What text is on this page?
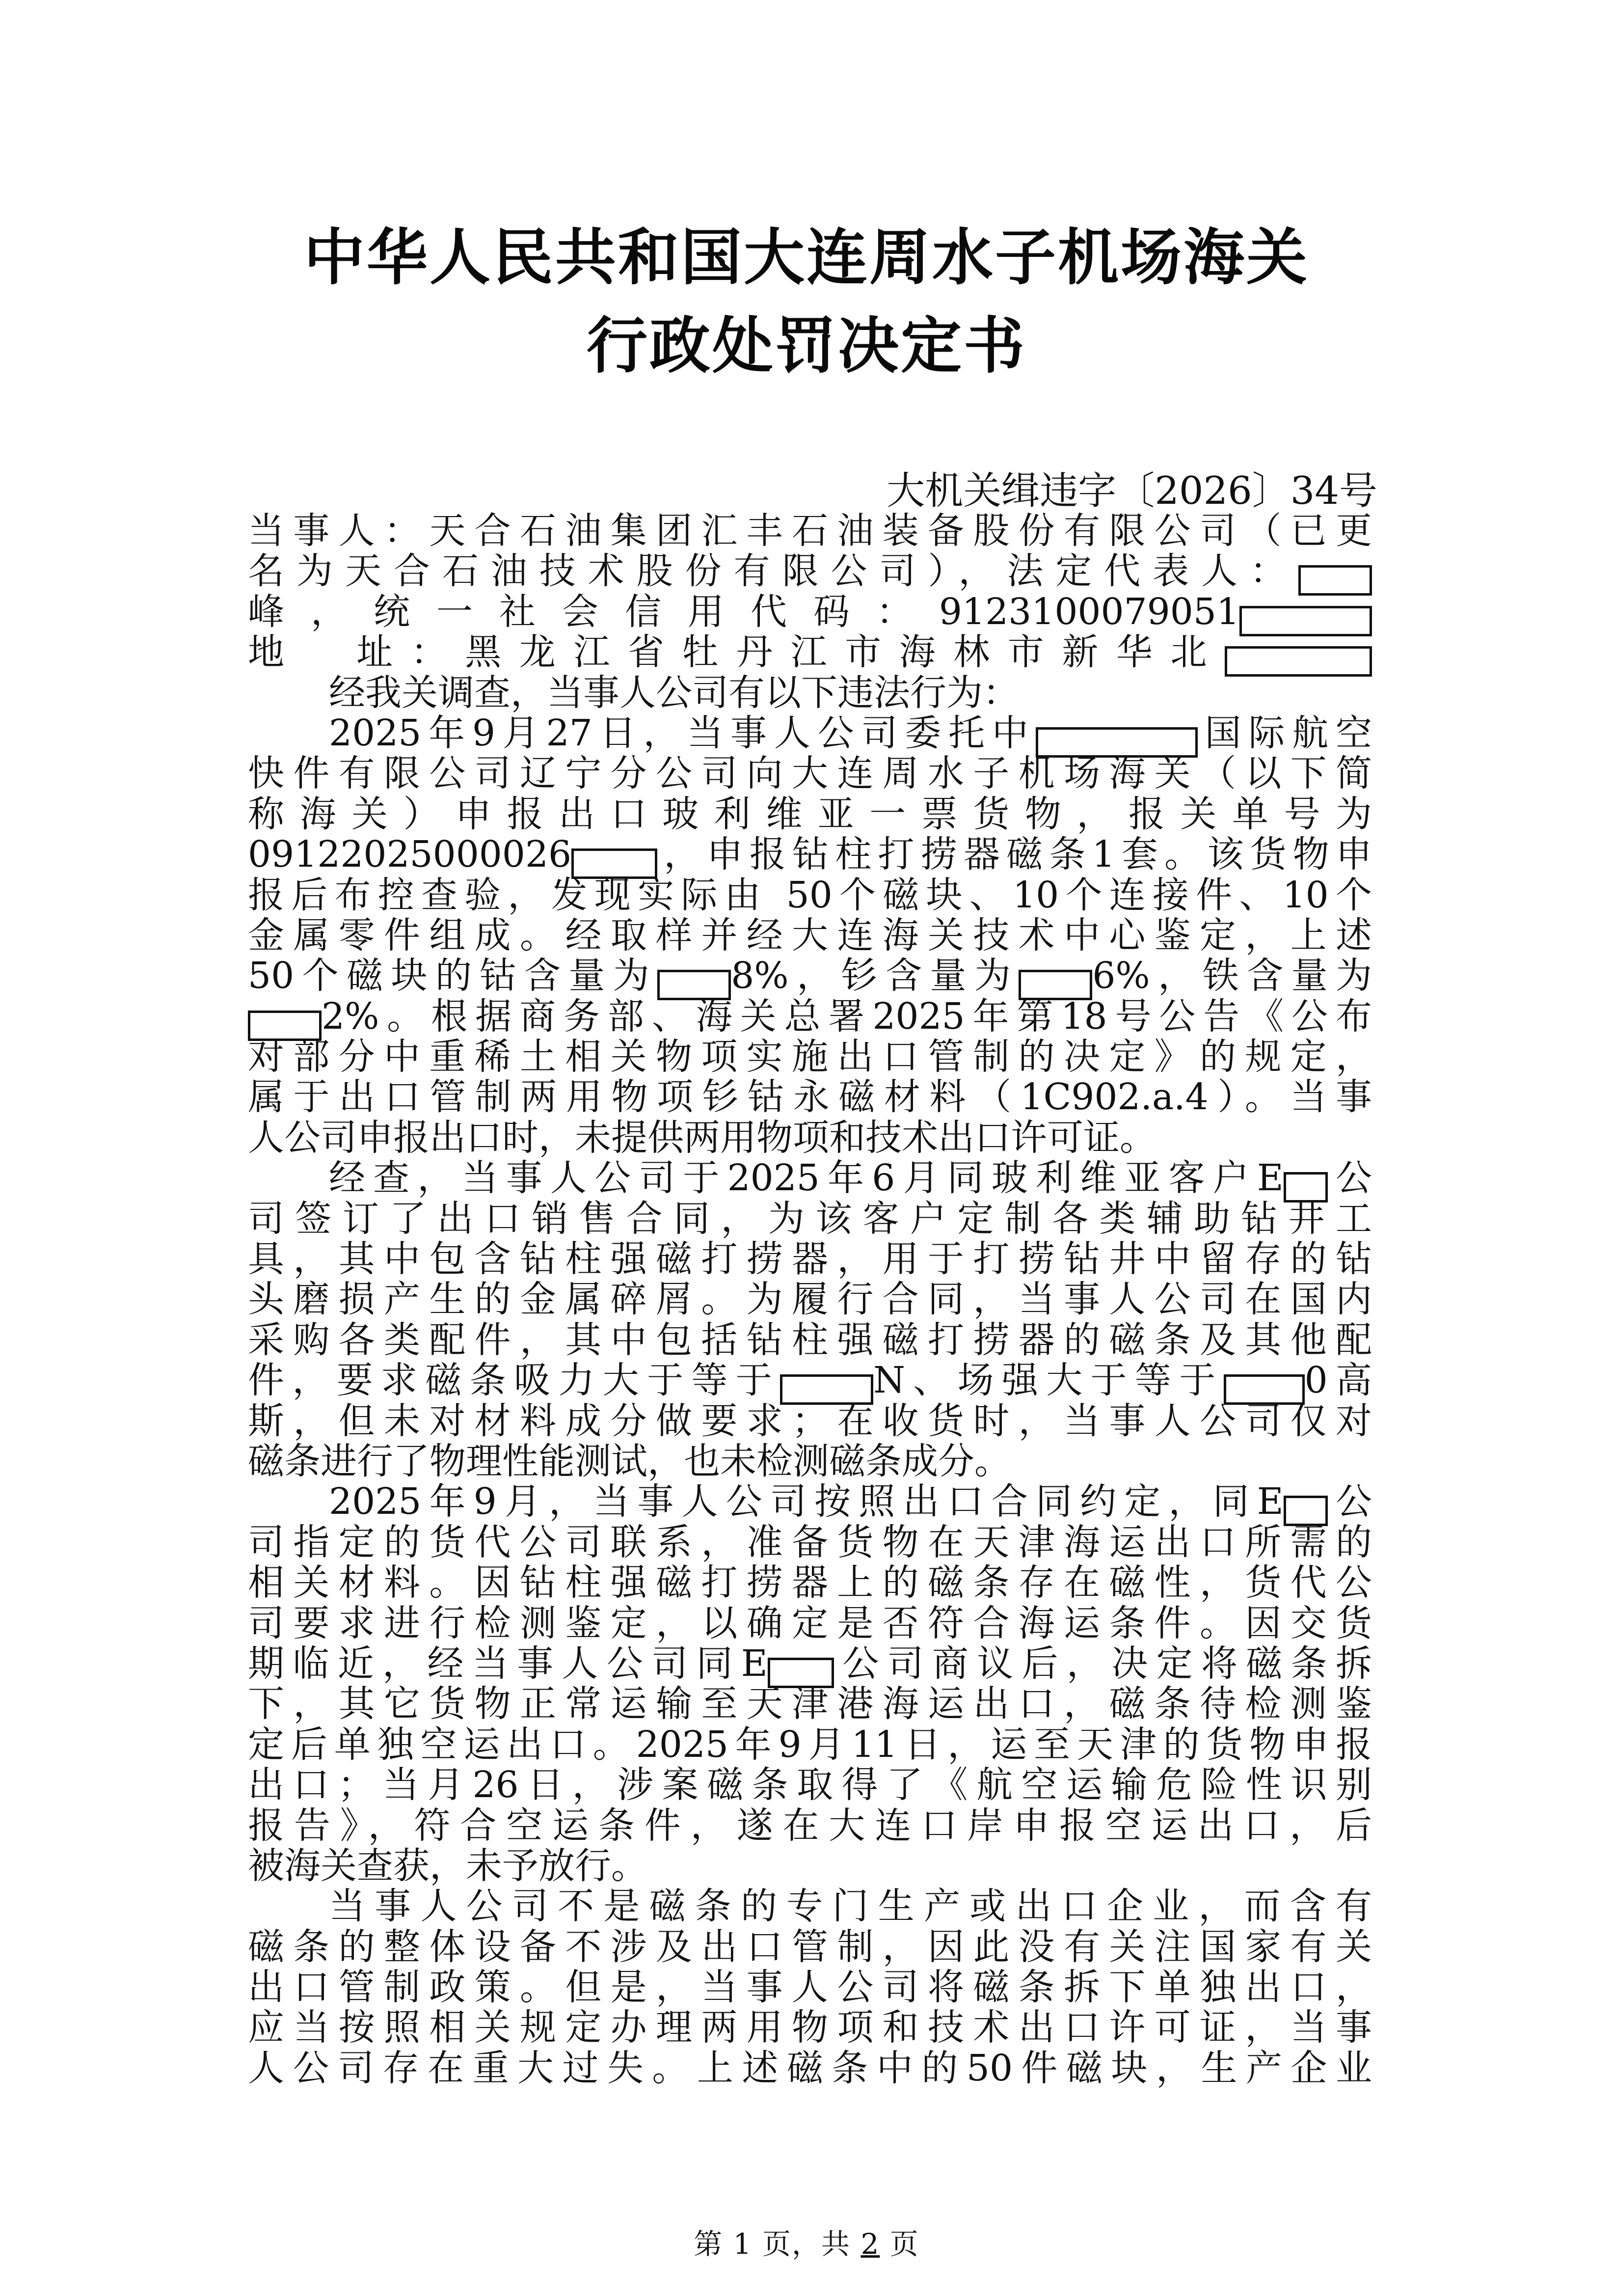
中华人民共和国大连周水子机场海关
行政处罚决定书
大机关缉违字〔2026〕34号
当事人：天合石油集团汇丰石油装备股份有限公司（已更
名为天合石油技术股份有限公司），法定代表人：
峰，统一社会信用代码：9123100079051
地　址：黑龙江省牡丹江市海林市新华北
经我关调查，当事人公司有以下违法行为：
2025年9月27日，当事人公司委托中	国际航空
快件有限公司辽宁分公司向大连周水子机场海关（以下简
称海关）申报出口玻利维亚一票货物，报关单号为
09122025000026 ，申报钻柱打捞器磁条1套。该货物申
报后布控查验，发现实际由 50个磁块、10个连接件、10个
金属零件组成。经取样并经大连海关技术中心鉴定，上述
50个磁块的钴含量为 8%，钐含量为 6%，铁含量为
2%。根据商务部、海关总署2025年第18号公告《公布
对部分中重稀土相关物项实施出口管制的决定》的规定，
属于出口管制两用物项钐钴永磁材料（1C902.a.4）。当事
人公司申报出口时，未提供两用物项和技术出口许可证。
经查，当事人公司于2025年6月同玻利维亚客户E 公
司签订了出口销售合同，为该客户定制各类辅助钻井工
具，其中包含钻柱强磁打捞器，用于打捞钻井中留存的钻
头磨损产生的金属碎屑。为履行合同，当事人公司在国内
采购各类配件，其中包括钻柱强磁打捞器的磁条及其他配
件，要求磁条吸力大于等于	N、场强大于等于 0高
斯，但未对材料成分做要求；在收货时，当事人公司仅对
磁条进行了物理性能测试，也未检测磁条成分。
2025年9月，当事人公司按照出口合同约定，同E 公
司指定的货代公司联系，准备货物在天津海运出口所需的
相关材料。因钻柱强磁打捞器上的磁条存在磁性，货代公
司要求进行检测鉴定，以确定是否符合海运条件。因交货
期临近，经当事人公司同E 公司商议后，决定将磁条拆
下，其它货物正常运输至天津港海运出口，磁条待检测鉴
定后单独空运出口。2025年9月11日，运至天津的货物申报
出口；当月26日，涉案磁条取得了《航空运输危险性识别
报告》，符合空运条件，遂在大连口岸申报空运出口，后
被海关查获，未予放行。
当事人公司不是磁条的专门生产或出口企业，而含有
磁条的整体设备不涉及出口管制，因此没有关注国家有关
出口管制政策。但是，当事人公司将磁条拆下单独出口，
应当按照相关规定办理两用物项和技术出口许可证，当事
人公司存在重大过失。上述磁条中的50件磁块，生产企业
第 1 页，共 2 页
